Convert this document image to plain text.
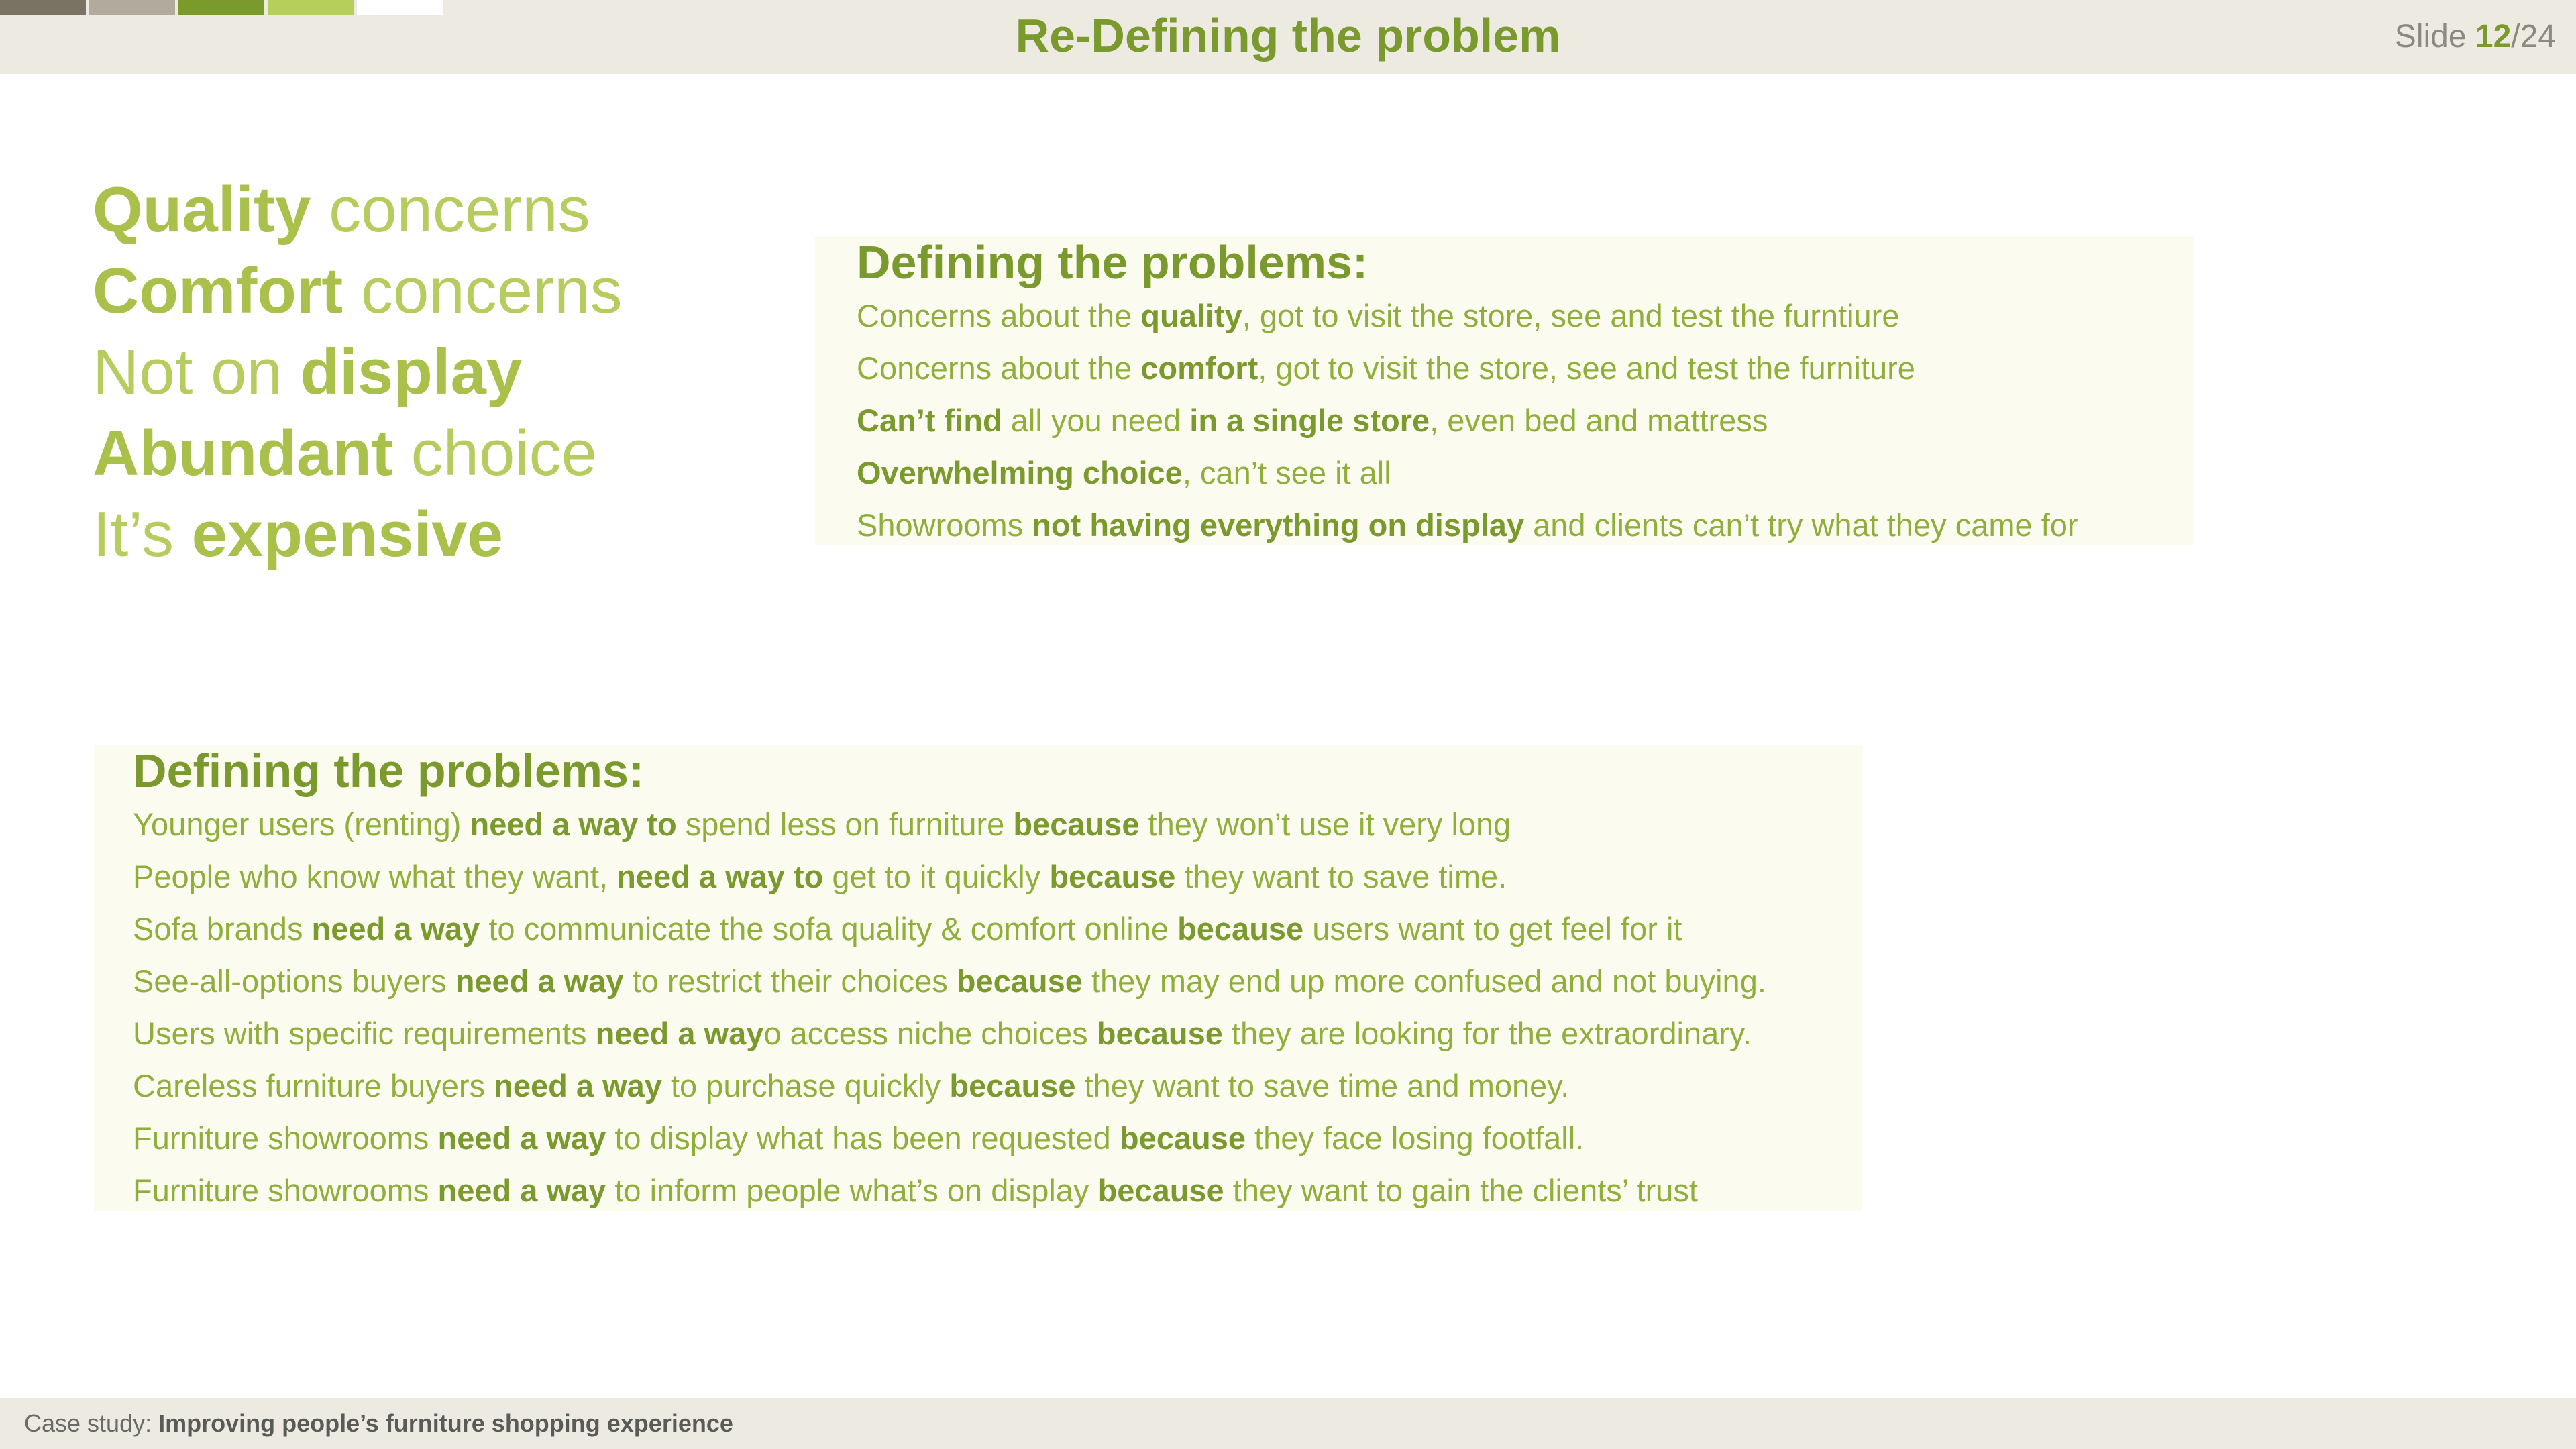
Re-Defining the problem	Slide 12/24
Quality concerns
Comfort concerns
Not on display
Abundant choice
It’s expensive
Defining the problems:
Concerns about the quality, got to visit the store, see and test the furntiure
Concerns about the comfort, got to visit the store, see and test the furniture
Can’t find all you need in a single store, even bed and mattress
Overwhelming choice, can’t see it all
Showrooms not having everything on display and clients can’t try what they came for
Defining the problems:
Younger users (renting) need a way to spend less on furniture because they won’t use it very long
People who know what they want, need a way to get to it quickly because they want to save time.
Sofa brands need a way to communicate the sofa quality & comfort online because users want to get feel for it
See-all-options buyers need a way to restrict their choices because they may end up more confused and not buying.
Users with specific requirements need a wayo access niche choices because they are looking for the extraordinary.
Careless furniture buyers need a way to purchase quickly because they want to save time and money.
Furniture showrooms need a way to display what has been requested because they face losing footfall.
Furniture showrooms need a way to inform people what’s on display because they want to gain the clients’ trust
Case study: Improving people’s furniture shopping experience
